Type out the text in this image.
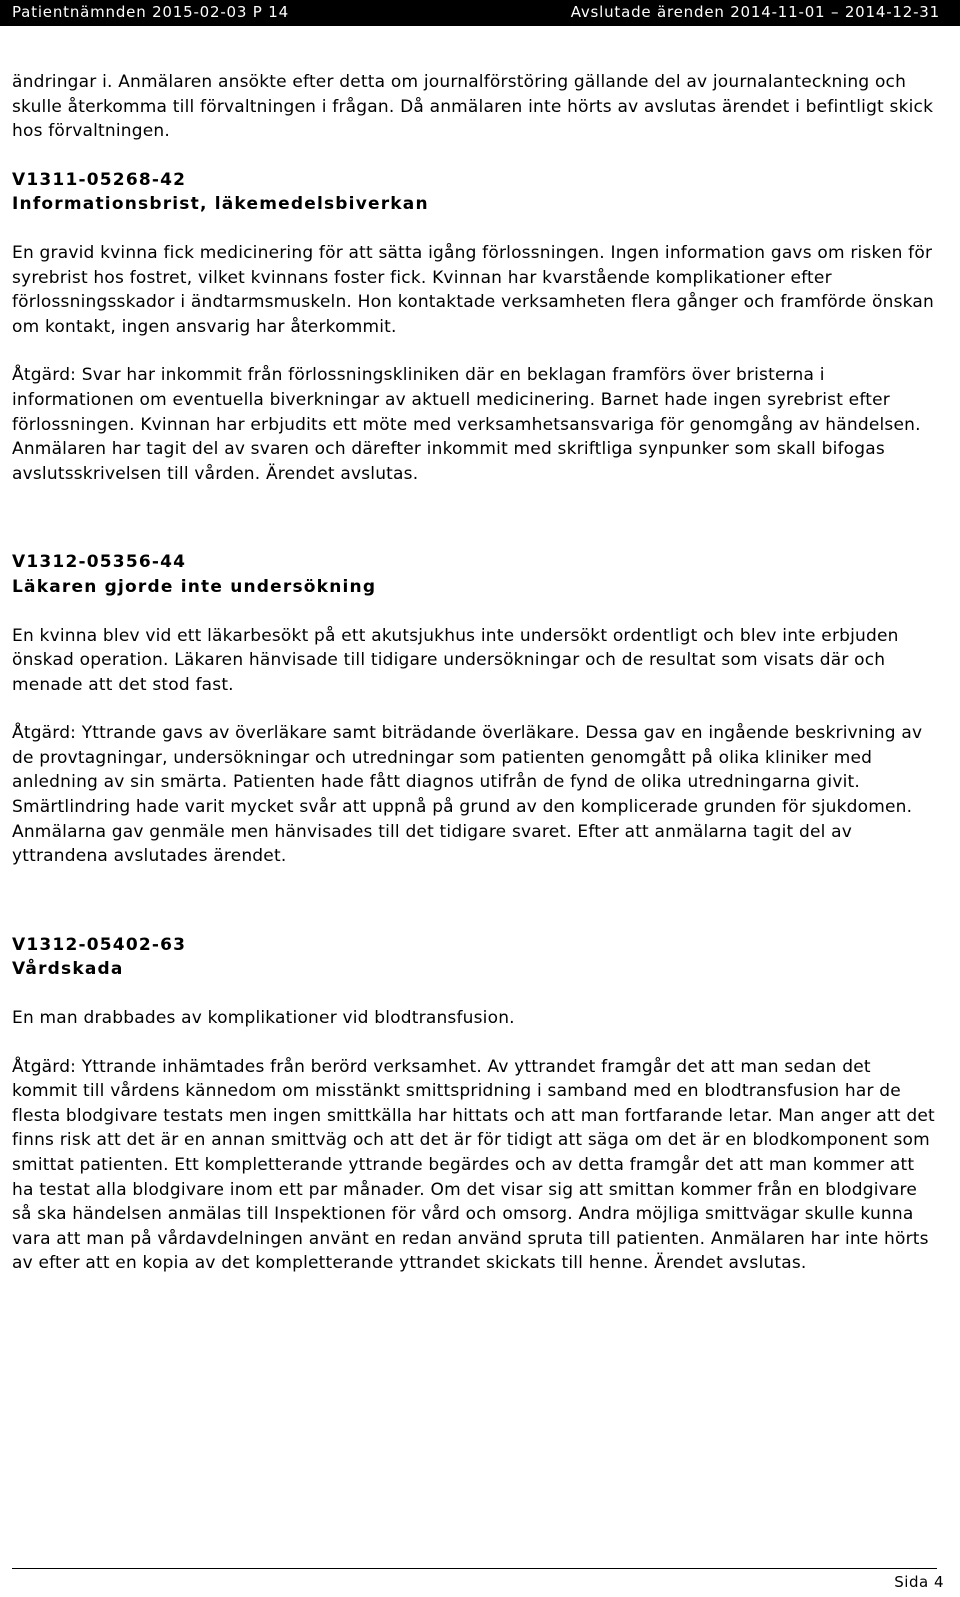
Patientnämnden 2015-02-03 P 14	Avslutade ärenden 2014-11-01 – 2014-12-31

ändringar i. Anmälaren ansökte efter detta om journalförstöring gällande del av journalanteckning och skulle återkomma till förvaltningen i frågan. Då anmälaren inte hörts av avslutas ärendet i befintligt skick hos förvaltningen.

V1311-05268-42

Informationsbrist, läkemedelsbiverkan

En gravid kvinna fick medicinering för att sätta igång förlossningen. Ingen information gavs om risken för syrebrist hos fostret, vilket kvinnans foster fick. Kvinnan har kvarstående komplikationer efter förlossningsskador i ändtarmsmuskeln. Hon kontaktade verksamheten flera gånger och framförde önskan om kontakt, ingen ansvarig har återkommit.

Åtgärd: Svar har inkommit från förlossningskliniken där en beklagan framförs över bristerna i informationen om eventuella biverkningar av aktuell medicinering. Barnet hade ingen syrebrist efter förlossningen. Kvinnan har erbjudits ett möte med verksamhetsansvariga för genomgång av händelsen. Anmälaren har tagit del av svaren och därefter inkommit med skriftliga synpunker som skall bifogas avslutsskrivelsen till vården. Ärendet avslutas.

V1312-05356-44

Läkaren gjorde inte undersökning

En kvinna blev vid ett läkarbesökt på ett akutsjukhus inte undersökt ordentligt och blev inte erbjuden önskad operation. Läkaren hänvisade till tidigare undersökningar och de resultat som visats där och menade att det stod fast.

Åtgärd: Yttrande gavs av överläkare samt biträdande överläkare. Dessa gav en ingående beskrivning av de provtagningar, undersökningar och utredningar som patienten genomgått på olika kliniker med anledning av sin smärta. Patienten hade fått diagnos utifrån de fynd de olika utredningarna givit. Smärtlindring hade varit mycket svår att uppnå på grund av den komplicerade grunden för sjukdomen. Anmälarna gav genmäle men hänvisades till det tidigare svaret. Efter att anmälarna tagit del av yttrandena avslutades ärendet.

V1312-05402-63

Vårdskada

En man drabbades av komplikationer vid blodtransfusion.

Åtgärd: Yttrande inhämtades från berörd verksamhet. Av yttrandet framgår det att man sedan det kommit till vårdens kännedom om misstänkt smittspridning i samband med en blodtransfusion har de flesta blodgivare testats men ingen smittkälla har hittats och att man fortfarande letar. Man anger att det finns risk att det är en annan smittväg och att det är för tidigt att säga om det är en blodkomponent som smittat patienten. Ett kompletterande yttrande begärdes och av detta framgår det att man kommer att ha testat alla blodgivare inom ett par månader. Om det visar sig att smittan kommer från en blodgivare så ska händelsen anmälas till Inspektionen för vård och omsorg. Andra möjliga smittvägar skulle kunna vara att man på vårdavdelningen använt en redan använd spruta till patienten. Anmälaren har inte hörts av efter att en kopia av det kompletterande yttrandet skickats till henne. Ärendet avslutas.

Sida 4
